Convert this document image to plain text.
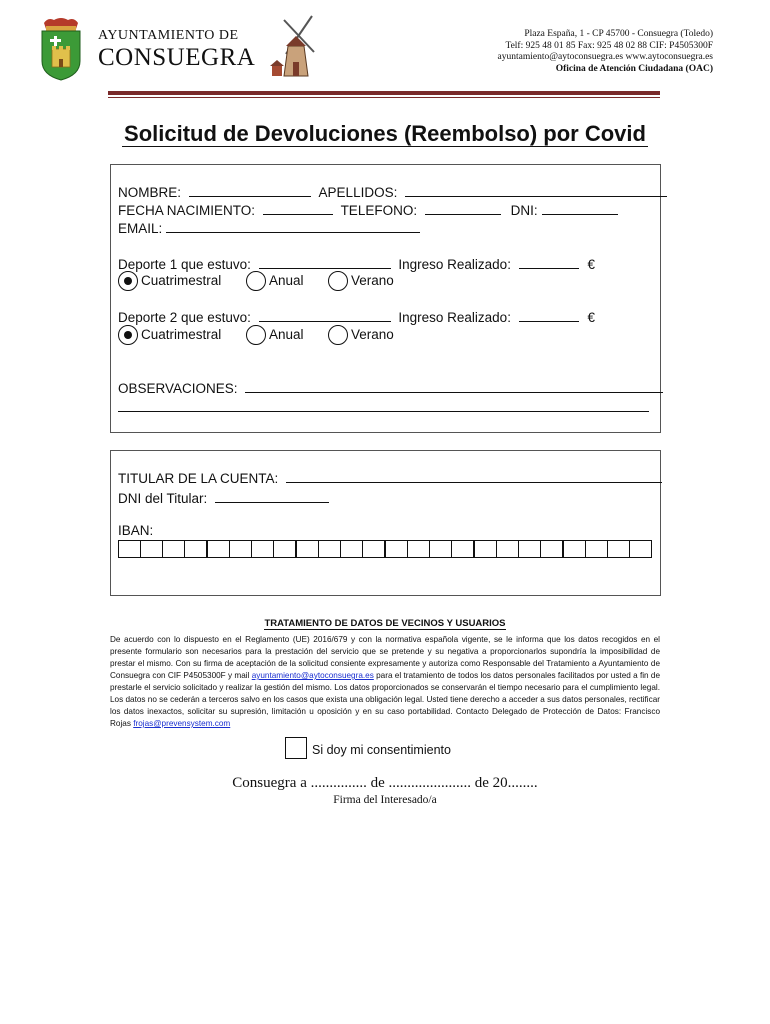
AYUNTAMIENTO DE
CONSUEGRA
Plaza España, 1 - CP 45700 - Consuegra (Toledo)
Telf: 925 48 01 85 Fax: 925 48 02 88 CIF: P4505300F
ayuntamiento@aytoconsuegra.es www.aytoconsuegra.es
Oficina de Atención Ciudadana (OAC)
Solicitud de Devoluciones (Reembolso) por Covid
NOMBRE:	APELLIDOS:
FECHA NACIMIENTO:	TELEFONO:	DNI:
EMAIL:
Deporte 1 que estuvo:	Ingreso Realizado:	€
Cuatrimestral	Anual	Verano
Deporte 2 que estuvo:	Ingreso Realizado:	€
Cuatrimestral	Anual	Verano
OBSERVACIONES:
TITULAR DE LA CUENTA:
DNI del Titular:
IBAN:
TRATAMIENTO DE DATOS DE VECINOS Y USUARIOS
De acuerdo con lo dispuesto en el Reglamento (UE) 2016/679 y con la normativa española vigente, se le informa que los datos recogidos en el presente formulario son necesarios para la prestación del servicio que se pretende y su negativa a proporcionarlos supondría la imposibilidad de prestar el mismo. Con su firma de aceptación de la solicitud consiente expresamente y autoriza como Responsable del Tratamiento a Ayuntamiento de Consuegra con CIF P4505300F y mail ayuntamiento@aytoconsuegra.es para el tratamiento de todos los datos personales facilitados por usted a fin de prestarle el servicio solicitado y realizar la gestión del mismo. Los datos proporcionados se conservarán el tiempo necesario para el cumplimiento legal. Los datos no se cederán a terceros salvo en los casos que exista una obligación legal. Usted tiene derecho a acceder a sus datos personales, rectificar los datos inexactos, solicitar su supresión, limitación u oposición y en su caso portabilidad. Contacto Delegado de Protección de Datos: Francisco Rojas frojas@prevensystem.com
Si doy mi consentimiento
Consuegra a ............... de ...................... de 20........
Firma del Interesado/a
